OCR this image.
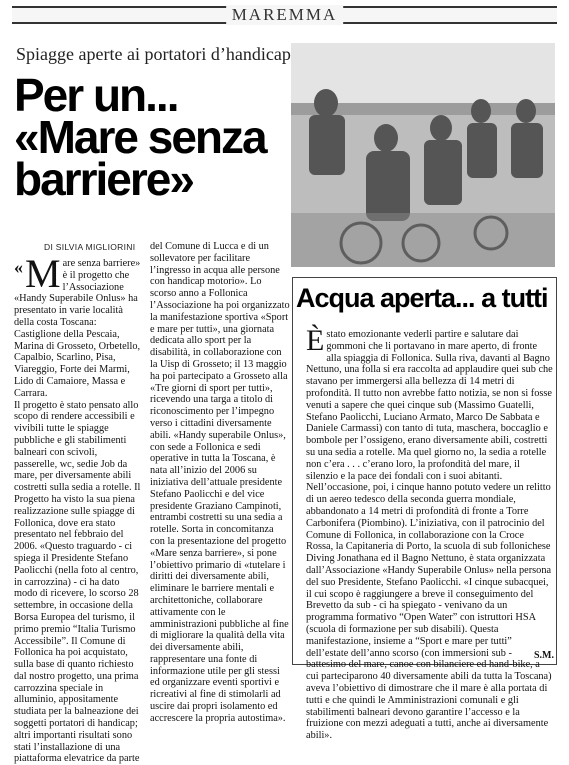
MAREMMA
Spiagge aperte ai portatori d’handicap
Per un... «Mare senza barriere»
DI SILVIA MIGLIORINI

« M are senza barriere» è il progetto che l’Associazione «Handy Superabile Onlus» ha presentato in varie località della costa Toscana: Castiglione della Pescaia, Marina di Grosseto, Orbetello, Capalbio, Scarlino, Pisa, Viareggio, Forte dei Marmi, Lido di Camaiore, Massa e Carrara.

Il progetto è stato pensato allo scopo di rendere accessibili e vivibili tutte le spiagge pubbliche e gli stabilimenti balneari con scivoli, passerelle, wc, sedie Job da mare, per diversamente abili costretti sulla sedia a rotelle. Il Progetto ha visto la sua piena realizzazione sulle spiagge di Follonica, dove era stato presentato nel febbraio del 2006. «Questo traguardo - ci spiega il Presidente Stefano Paolicchi (nella foto al centro, in carrozzina) - ci ha dato modo di ricevere, lo scorso 28 settembre, in occasione della Borsa Europea del turismo, il primo premio “Italia Turismo Accessibile”. Il Comune di Follonica ha poi acquistato, sulla base di quanto richiesto dal nostro progetto, una prima carrozzina speciale in alluminio, appositamente studiata per la balneazione dei soggetti portatori di handicap; altri importanti risultati sono stati l’installazione di una piattaforma elevatrice da parte

del Comune di Lucca e di un sollevatore per facilitare l’ingresso in acqua alle persone con handicap motorio». Lo scorso anno a Follonica l’Associazione ha poi organizzato la manifestazione sportiva «Sport e mare per tutti», una giornata dedicata allo sport per la disabilità, in collaborazione con la Uisp di Grosseto; il 13 maggio ha poi partecipato a Grosseto alla «Tre giorni di sport per tutti», ricevendo una targa a titolo di riconoscimento per l’impegno verso i cittadini diversamente abili. «Handy superabile Onlus», con sede a Follonica e sedi operative in tutta la Toscana, è nata all’inizio del 2006 su iniziativa dell’attuale presidente Stefano Paolicchi e del vice presidente Graziano Campinoti, entrambi costretti su una sedia a rotelle. Sorta in concomitanza con la presentazione del progetto «Mare senza barriere», si pone l’obiettivo primario di «tutelare i diritti dei diversamente abili, eliminare le barriere mentali e architettoniche, collaborare attivamente con le amministrazioni pubbliche al fine di migliorare la qualità della vita dei diversamente abili, rappresentare una fonte di informazione utile per gli stessi ed organizzare eventi sportivi e ricreativi al fine di stimolarli ad uscire dai propri isolamento ed accrescere la propria autostima».

Acqua aperta... a tutti

È stato emozionante vederli partire e salutare dai gommoni che li portavano in mare aperto, di fronte alla spiaggia di Follonica. Sulla riva, davanti al Bagno Nettuno, una folla si era raccolta ad applaudire quei sub che stavano per immergersi alla bellezza di 14 metri di profondità. Il tutto non avrebbe fatto notizia, se non si fosse venuti a sapere che quei cinque sub (Massimo Guatelli, Stefano Paolicchi, Luciano Armato, Marco De Sabbata e Daniele Carmassi) con tanto di tuta, maschera, boccaglio e bombole per l’ossigeno, erano diversamente abili, costretti su una sedia a rotelle. Ma quel giorno no, la sedia a rotelle non c’era . . . c’erano loro, la profondità del mare, il silenzio e la pace dei fondali con i suoi abitanti.

Nell’occasione, poi, i cinque hanno potuto vedere un relitto di un aereo tedesco della seconda guerra mondiale, abbandonato a 14 metri di profondità di fronte a Torre Carbonifera (Piombino). L’iniziativa, con il patrocinio del Comune di Follonica, in collaborazione con la Croce Rossa, la Capitaneria di Porto, la scuola di sub follonichese Diving Jonathana ed il Bagno Nettuno, è stata organizzata dall’Associazione «Handy Superabile Onlus» nella persona del suo Presidente, Stefano Paolicchi. «I cinque subacquei, il cui scopo è raggiungere a breve il conseguimento del Brevetto da sub - ci ha spiegato - venivano da un programma formativo “Open Water” con istruttori HSA (scuola di formazione per sub disabili). Questa manifestazione, insieme a “Sport e mare per tutti” dell’estate dell’anno scorso (con immersioni sub - battesimo del mare, canoe con bilanciere ed hand-bike, a cui parteciparono 40 diversamente abili da tutta la Toscana) aveva l’obiettivo di dimostrare che il mare è alla portata di tutti e che quindi le Amministrazioni comunali e gli stabilimenti balneari devono garantire l’accesso e la fruizione con mezzi adeguati a tutti, anche ai diversamente abili».

S.M.
